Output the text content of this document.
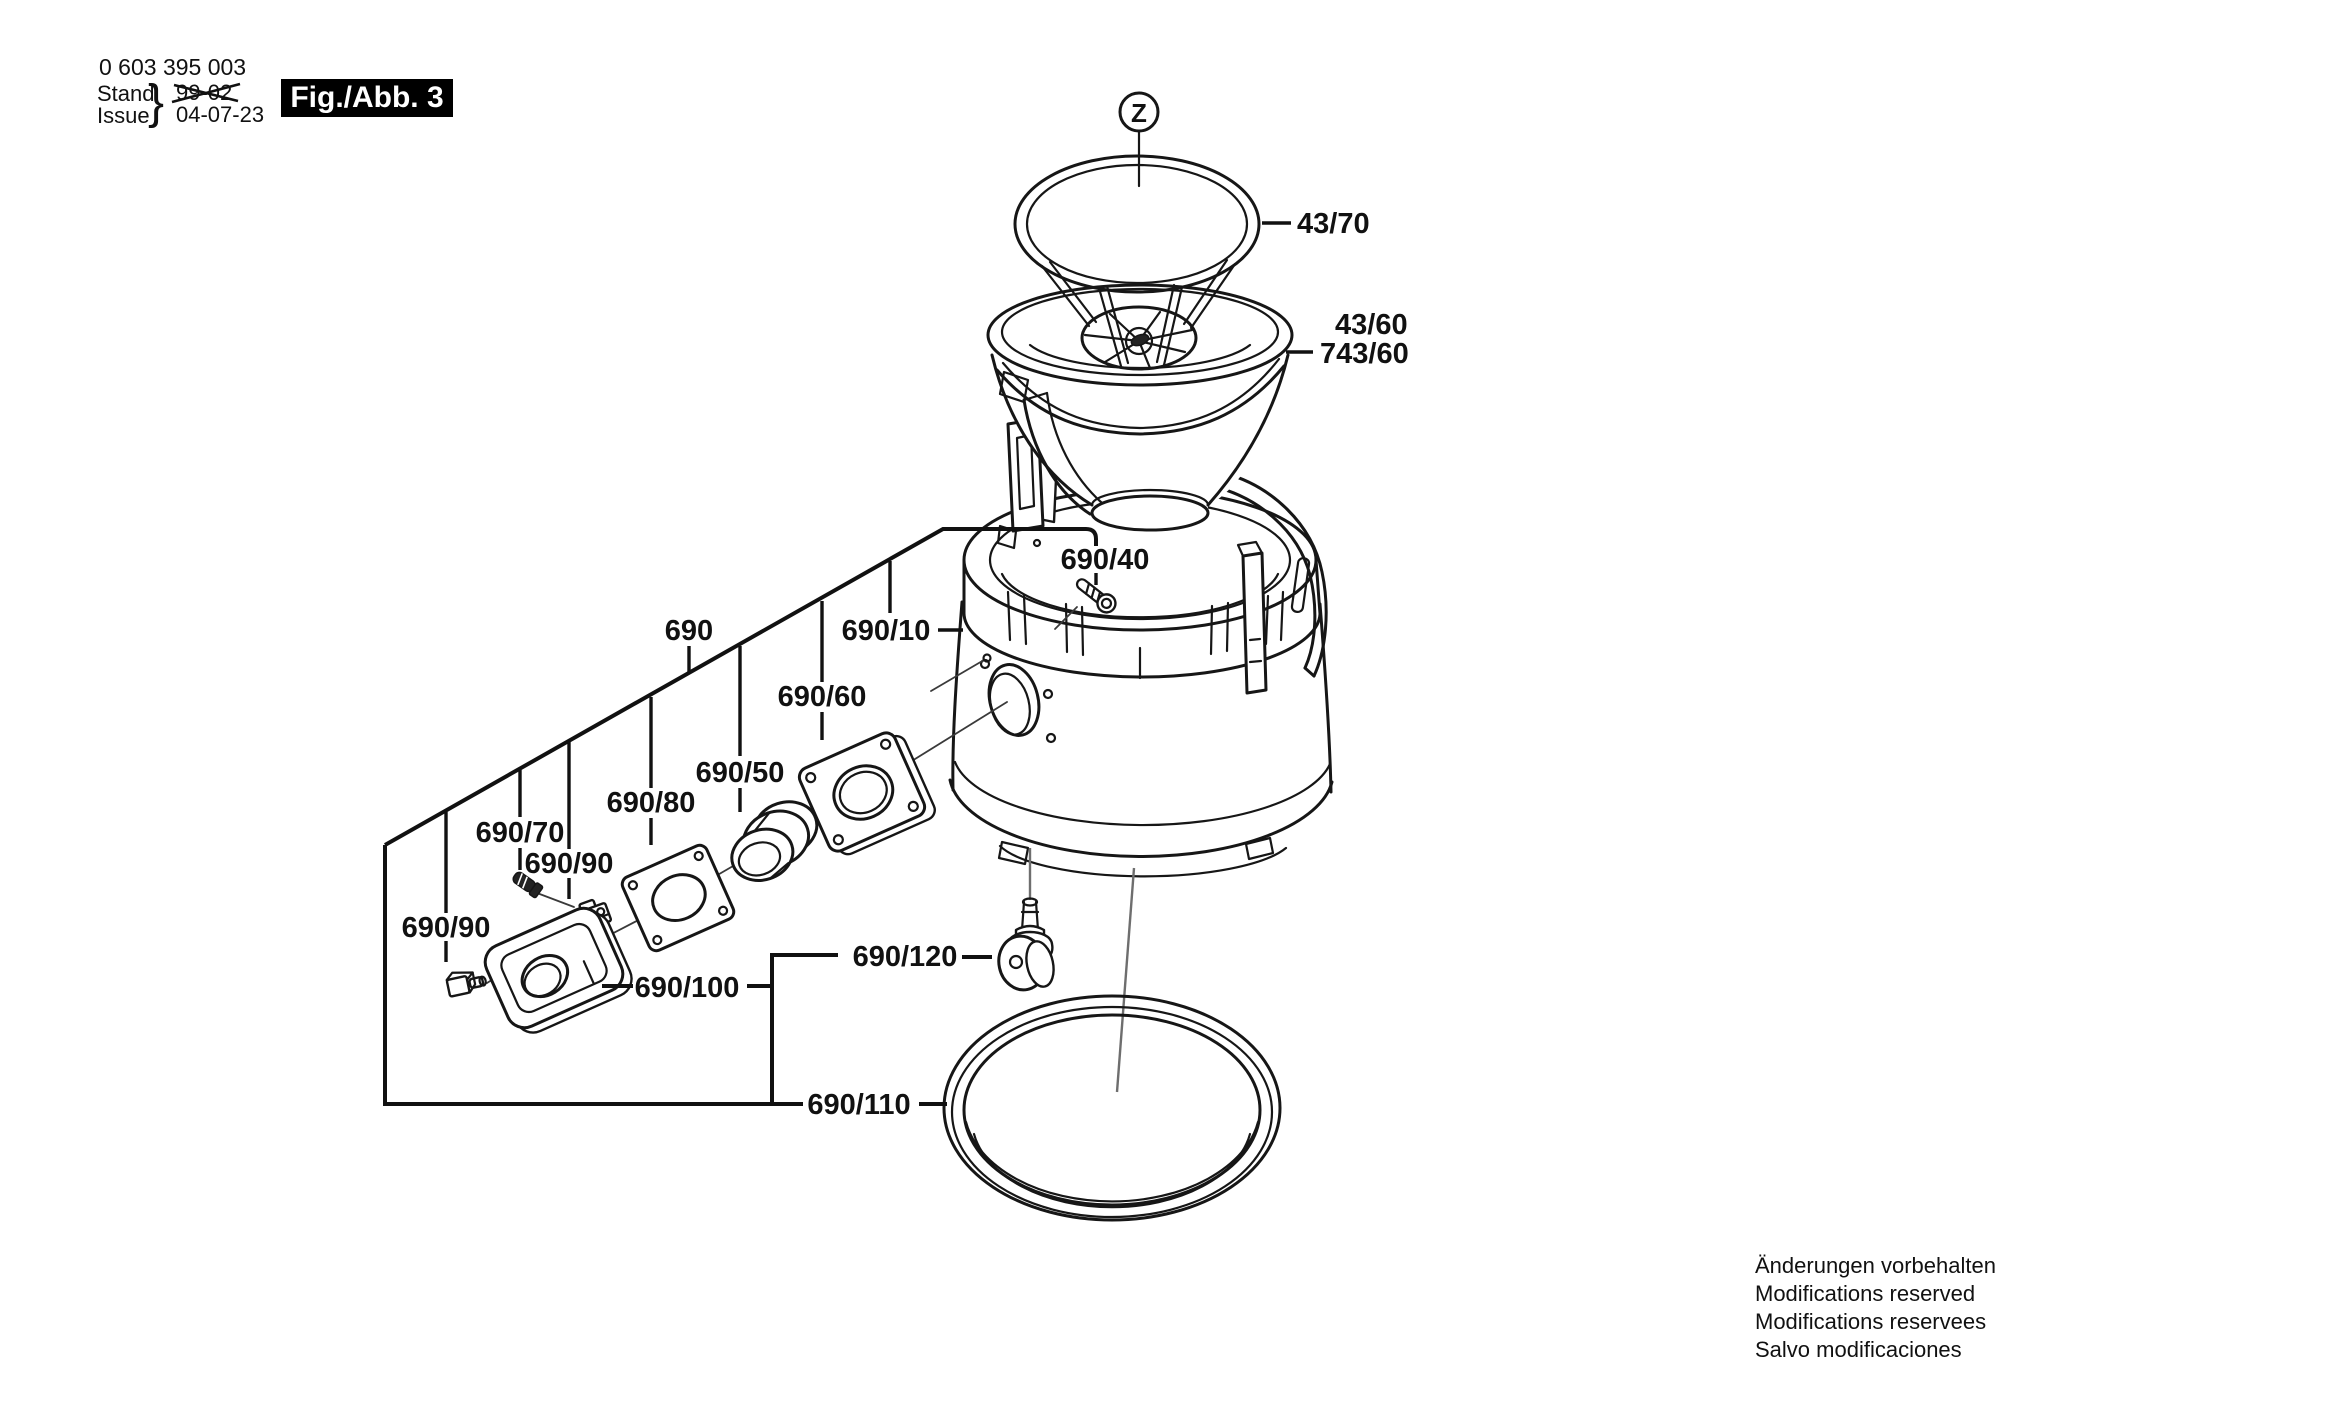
Z
690	690/10
690/40
690/60
690/50
690/80
690/70
690/90
690/90
690/100
690/120
690/110
43/70
43/60
743/60
0 603 395 003
Stand
Issue
} 99-02
04-07-23
Fig./Abb. 3
Änderungen vorbehalten
Modifications reserved
Modifications reservees
Salvo modificaciones
